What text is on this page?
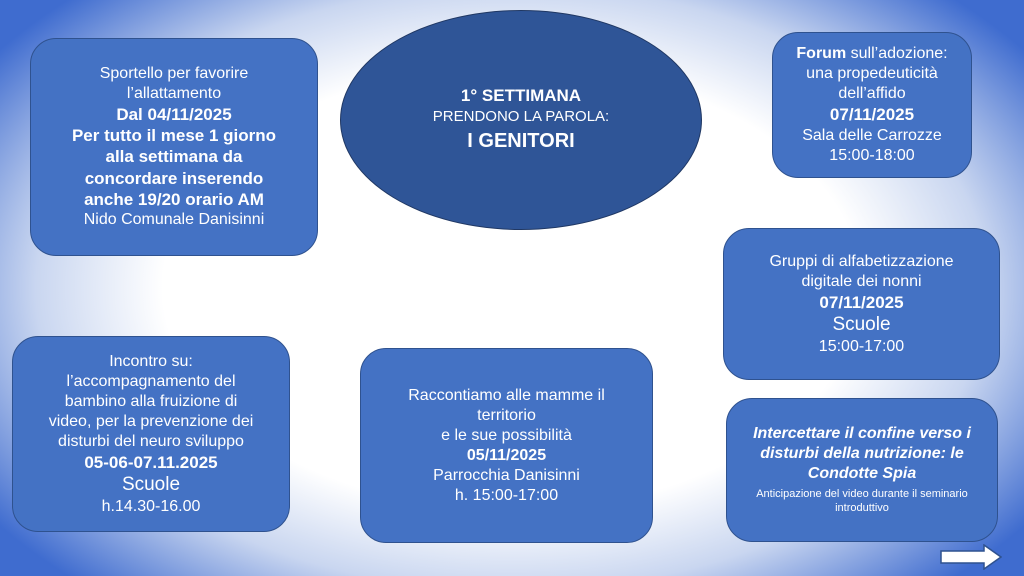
1° SETTIMANA
PRENDONO LA PAROLA:
I GENITORI
Sportello per favorire
l’allattamento
Dal 04/11/2025
Per tutto il mese 1 giorno
alla settimana da
concordare inserendo
anche 19/20 orario AM
Nido Comunale Danisinni
Forum sull’adozione:
una propedeuticità
dell’affido
07/11/2025
Sala delle Carrozze
15:00-18:00
Gruppi di alfabetizzazione
digitale dei nonni
07/11/2025
Scuole
15:00-17:00
Incontro su:
l’accompagnamento del
bambino alla fruizione di
video, per la prevenzione dei
disturbi del neuro sviluppo
05-06-07.11.2025
Scuole
h.14.30-16.00
Raccontiamo alle mamme il
territorio
e le sue possibilità
05/11/2025
Parrocchia Danisinni
h. 15:00-17:00
Intercettare il confine verso i
disturbi della nutrizione: le
Condotte Spia
Anticipazione del video durante il seminario
introduttivo
